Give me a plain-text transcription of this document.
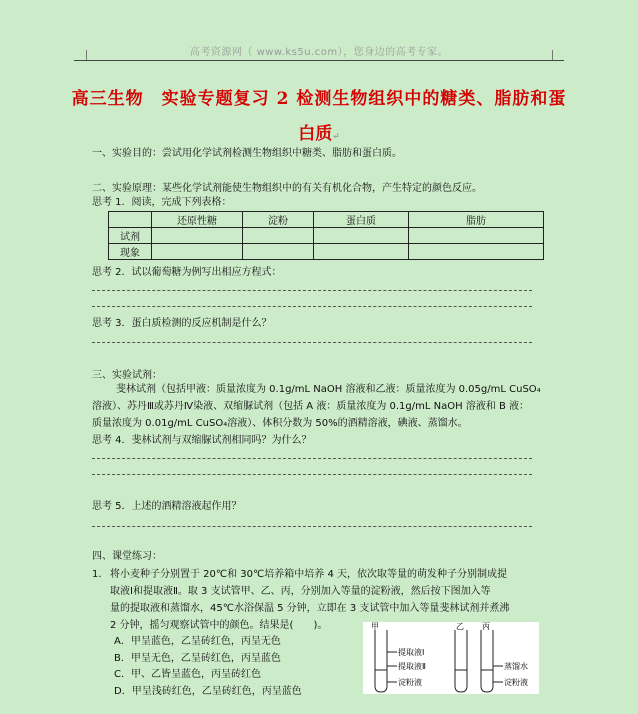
高考资源网（ www.ks5u.com），您身边的高考专家。
高三生物　实验专题复习 2 检测生物组织中的糖类、脂肪和蛋
白质↵
一、实验目的：尝试用化学试剂检测生物组织中糖类、脂肪和蛋白质。
二、实验原理：某些化学试剂能使生物组织中的有关有机化合物，产生特定的颜色反应。
思考 1．阅读，完成下列表格：
	还原性糖	淀粉	蛋白质	脂肪
试剂				
现象				
思考 2．试以葡萄糖为例写出相应方程式：
思考 3．蛋白质检测的反应机制是什么？
三、实验试剂：
斐林试剂（包括甲液：质量浓度为 0.1g/mL NaOH 溶液和乙液：质量浓度为 0.05g/mL CuSO₄
溶液）、苏丹Ⅲ或苏丹Ⅳ染液、双缩脲试剂（包括 A 液：质量浓度为 0.1g/mL NaOH 溶液和 B 液：
质量浓度为 0.01g/mL CuSO₄溶液）、体积分数为 50%的酒精溶液，碘液、蒸馏水。
思考 4．斐林试剂与双缩脲试剂相同吗？为什么？
思考 5．上述的酒精溶液起作用？
四、课堂练习：
1. 将小麦种子分别置于 20℃和 30℃培养箱中培养 4 天，依次取等量的萌发种子分别制成提
取液Ⅰ和提取液Ⅱ。取 3 支试管甲、乙、丙，分别加入等量的淀粉液，然后按下图加入等
量的提取液和蒸馏水，45℃水浴保温 5 分钟，立即在 3 支试管中加入等量斐林试剂并煮沸
2 分钟，摇匀观察试管中的颜色。结果是(　　)。
A．甲呈蓝色，乙呈砖红色，丙呈无色
B．甲呈无色，乙呈砖红色，丙呈蓝色
C．甲、乙皆呈蓝色，丙呈砖红色
D．甲呈浅砖红色，乙呈砖红色，丙呈蓝色
甲	乙 丙
提取液Ⅰ
提取液Ⅱ
淀粉液
蒸馏水
淀粉液
